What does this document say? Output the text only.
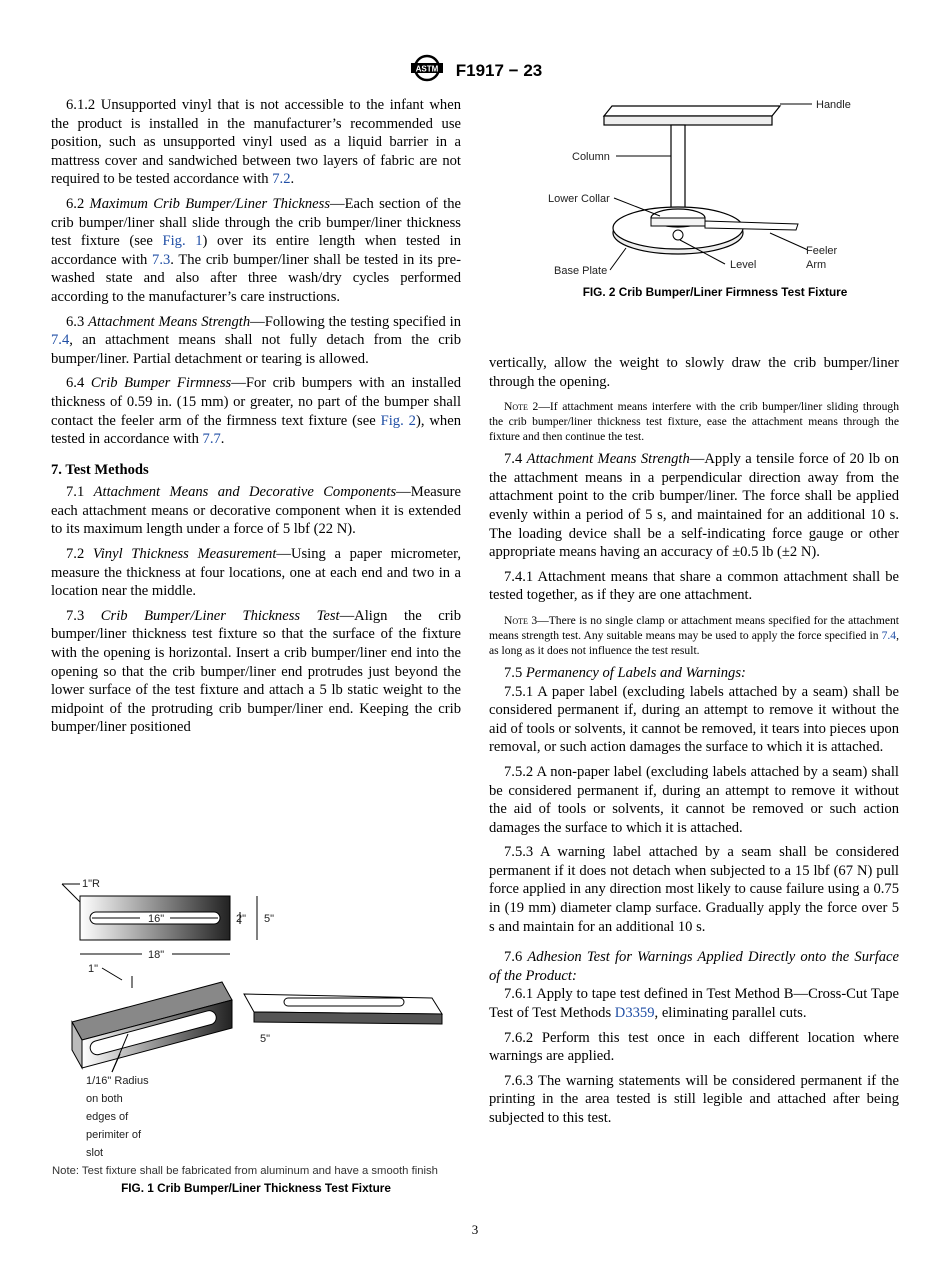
ASTM F1917 − 23

6.1.2 Unsupported vinyl that is not accessible to the infant when the product is installed in the manufacturer’s recommended use position, such as unsupported vinyl used as a liquid barrier in a mattress cover and sandwiched between two layers of fabric are not required to be tested accordance with 7.2.

6.2 Maximum Crib Bumper/Liner Thickness—Each section of the crib bumper/liner shall slide through the crib bumper/liner thickness test fixture (see Fig. 1) over its entire length when tested in accordance with 7.3. The crib bumper/liner shall be tested in its pre-washed state and also after three wash/dry cycles performed according to the manufacturer’s care instructions.

6.3 Attachment Means Strength—Following the testing specified in 7.4, an attachment means shall not fully detach from the crib bumper/liner. Partial detachment or tearing is allowed.

6.4 Crib Bumper Firmness—For crib bumpers with an installed thickness of 0.59 in. (15 mm) or greater, no part of the bumper shall contact the feeler arm of the firmness text fixture (see Fig. 2), when tested in accordance with 7.7.

7. Test Methods

7.1 Attachment Means and Decorative Components—Measure each attachment means or decorative component when it is extended to its maximum length under a force of 5 lbf (22 N).

7.2 Vinyl Thickness Measurement—Using a paper micrometer, measure the thickness at four locations, one at each end and two in a location near the middle.

7.3 Crib Bumper/Liner Thickness Test—Align the crib bumper/liner thickness test fixture so that the surface of the fixture with the opening is horizontal. Insert a crib bumper/liner end into the opening so that the crib bumper/liner end protrudes just beyond the lower surface of the test fixture and attach a 5 lb static weight to the midpoint of the protruding crib bumper/liner end. Keeping the crib bumper/liner positioned

vertically, allow the weight to slowly draw the crib bumper/liner through the opening.

Note 2—If attachment means interfere with the crib bumper/liner sliding through the crib bumper/liner thickness test fixture, ease the attachment means through the fixture and then continue the test.

7.4 Attachment Means Strength—Apply a tensile force of 20 lb on the attachment means in a perpendicular direction away from the attachment point to the crib bumper/liner. The force shall be applied evenly within a period of 5 s, and maintained for an additional 10 s. The loading device shall be a self-indicating force gauge or other appropriate means having an accuracy of ±0.5 lb (±2 N).

7.4.1 Attachment means that share a common attachment shall be tested together, as if they are one attachment.

Note 3—There is no single clamp or attachment means specified for the attachment means strength test. Any suitable means may be used to apply the force specified in 7.4, as long as it does not influence the test result.

7.5 Permanency of Labels and Warnings:

7.5.1 A paper label (excluding labels attached by a seam) shall be considered permanent if, during an attempt to remove it without the aid of tools or solvents, it cannot be removed, it tears into pieces upon removal, or such action damages the surface to which it is attached.

7.5.2 A non-paper label (excluding labels attached by a seam) shall be considered permanent if, during an attempt to remove it without the aid of tools or solvents, it cannot be removed or such action damages the surface to which it is attached.

7.5.3 A warning label attached by a seam shall be considered permanent if it does not detach when subjected to a 15 lbf (67 N) pull force applied in any direction most likely to cause failure using a 0.75 in (19 mm) diameter clamp surface. Gradually apply the force over 5 s and maintain for an additional 10 s.

7.6 Adhesion Test for Warnings Applied Directly onto the Surface of the Product:

7.6.1 Apply to tape test defined in Test Method B—Cross-Cut Tape Test of Test Methods D3359, eliminating parallel cuts.

7.6.2 Perform this test once in each different location where warnings are applied.

7.6.3 The warning statements will be considered permanent if the printing in the area tested is still legible and attached after being subjected to this test.

Handle
Column
Lower Collar
Feeler
Arm
Level
Base Plate
FIG. 2 Crib Bumper/Liner Firmness Test Fixture
1"R
16"
18"
2" 5"
1"
5"
1/16" Radius
on both
edges of
perimiter of
slot
Note: Test fixture shall be fabricated from aluminum and have a smooth finish
FIG. 1 Crib Bumper/Liner Thickness Test Fixture
3
